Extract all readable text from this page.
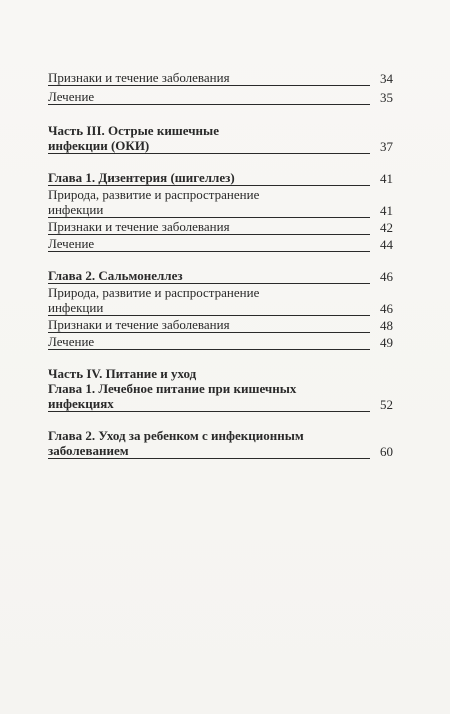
Признаки и течение заболевания	34
Лечение	35
Часть III. Острые кишечные
инфекции (ОКИ)	37
Глава 1. Дизентерия (шигеллез)	41
Природа, развитие и распространение
инфекции	41
Признаки и течение заболевания	42
Лечение	44
Глава 2. Сальмонеллез	46
Природа, развитие и распространение
инфекции	46
Признаки и течение заболевания	48
Лечение	49
Часть IV. Питание и уход
Глава 1. Лечебное питание при кишечных
инфекциях	52
Глава 2. Уход за ребенком с инфекционным
заболеванием	60
